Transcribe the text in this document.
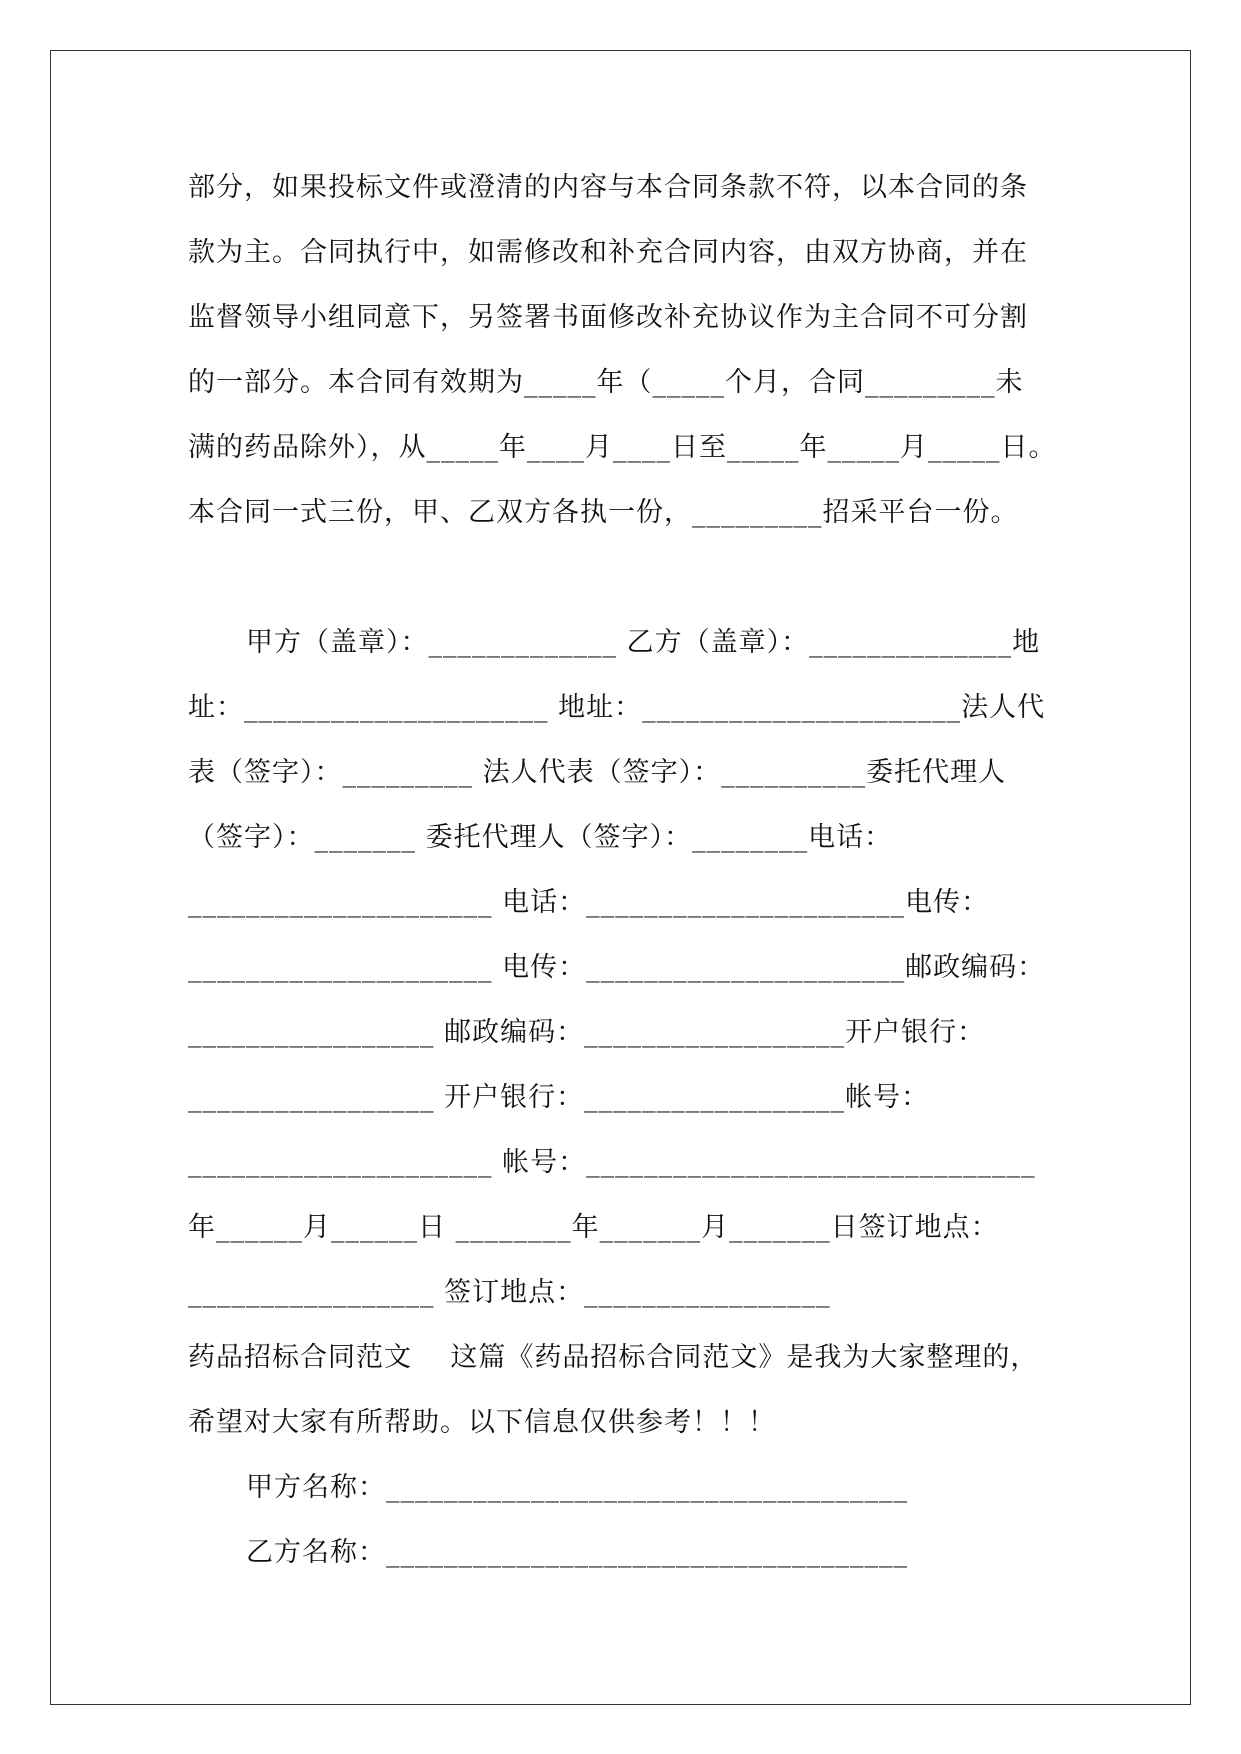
部分，如果投标文件或澄清的内容与本合同条款不符，以本合同的条
款为主。合同执行中，如需修改和补充合同内容，由双方协商，并在
监督领导小组同意下，另签署书面修改补充协议作为主合同不可分割
的一部分。本合同有效期为_____年（_____个月，合同_________未
满的药品除外），从_____年____月____日至_____年_____月_____日。
本合同一式三份，甲、乙双方各执一份，_________招采平台一份。
甲方（盖章）：_____________ 乙方（盖章）：______________地
址：_____________________ 地址：______________________法人代
表（签字）：_________ 法人代表（签字）：__________委托代理人
（签字）：_______ 委托代理人（签字）：________电话：
_____________________ 电话：______________________电传：
_____________________ 电传：______________________邮政编码：
_________________ 邮政编码：__________________开户银行：
_________________ 开户银行：__________________帐号：
_____________________ 帐号：_______________________________
年______月______日 ________年_______月_______日签订地点：
_________________ 签订地点：_________________
药品招标合同范文    这篇《药品招标合同范文》是我为大家整理的，
希望对大家有所帮助。以下信息仅供参考！！！
甲方名称：____________________________________
乙方名称：____________________________________
